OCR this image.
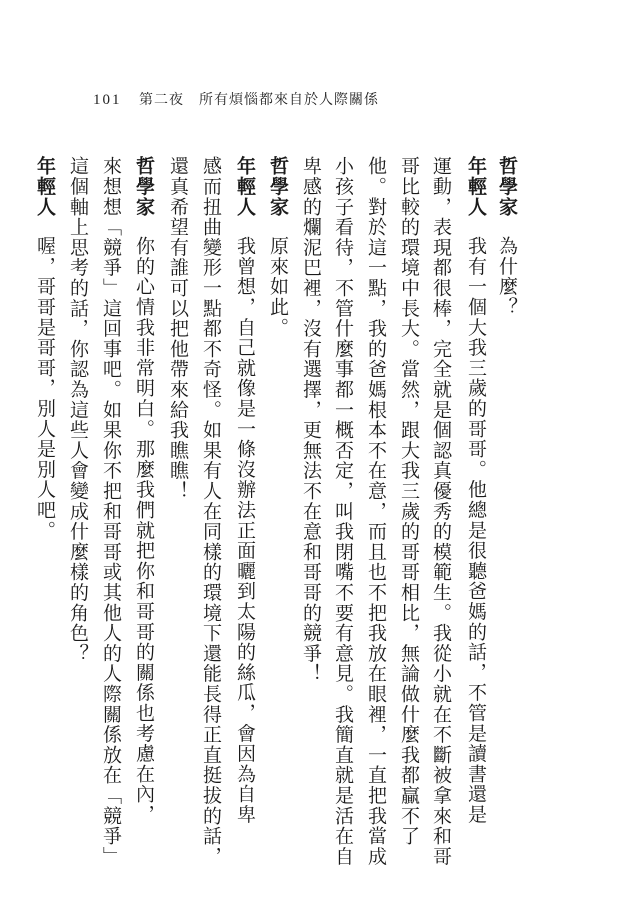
101 第二夜　所有煩惱都來自於人際關係
哲學家為什麼？
年輕人我有一個大我三歲的哥哥。他總是很聽爸媽的話，不管是讀書還是
運動，表現都很棒，完全就是個認真優秀的模範生。我從小就在不斷被拿來和哥
哥比較的環境中長大。當然，跟大我三歲的哥哥相比，無論做什麼我都贏不了
他。對於這一點，我的爸媽根本不在意，而且也不把我放在眼裡，一直把我當成
小孩子看待，不管什麼事都一概否定，叫我閉嘴不要有意見。我簡直就是活在自
卑感的爛泥巴裡，沒有選擇，更無法不在意和哥哥的競爭！
哲學家原來如此。
年輕人我曾想，自己就像是一條沒辦法正面曬到太陽的絲瓜，會因為自卑
感而扭曲變形一點都不奇怪。如果有人在同樣的環境下還能長得正直挺拔的話，
還真希望有誰可以把他帶來給我瞧瞧！
哲學家你的心情我非常明白。那麼我們就把你和哥哥的關係也考慮在內，
來想想「競爭」這回事吧。如果你不把和哥哥或其他人的人際關係放在「競爭」
這個軸上思考的話，你認為這些人會變成什麼樣的角色？
年輕人喔，哥哥是哥哥，別人是別人吧。
